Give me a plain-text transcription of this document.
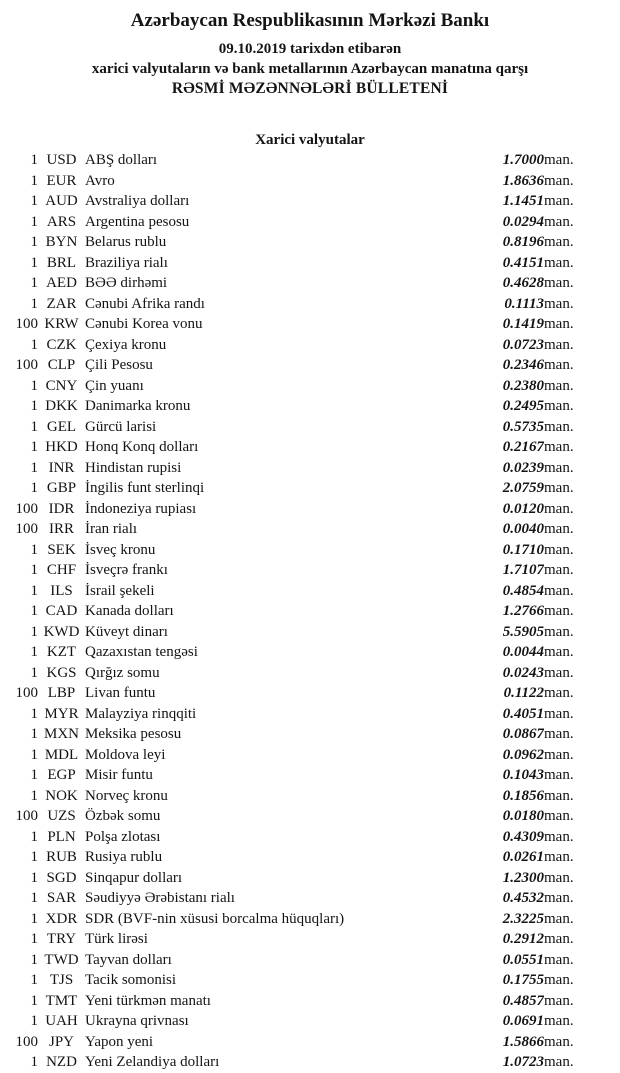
Azərbaycan Respublikasının Mərkəzi Bankı
09.10.2019 tarixdən etibarən
xarici valyutaların və bank metallarının Azərbaycan manatına qarşı
RƏSMİ MƏZƏNNƏLƏRİ BÜLLETENİ
Xarici valyutalar
1	USD	ABŞ dolları	1.7000	man.
1	EUR	Avro	1.8636	man.
1	AUD	Avstraliya dolları	1.1451	man.
1	ARS	Argentina pesosu	0.0294	man.
1	BYN	Belarus rublu	0.8196	man.
1	BRL	Braziliya rialı	0.4151	man.
1	AED	BƏƏ dirhəmi	0.4628	man.
1	ZAR	Cənubi Afrika randı	0.1113	man.
100	KRW	Cənubi Korea vonu	0.1419	man.
1	CZK	Çexiya kronu	0.0723	man.
100	CLP	Çili Pesosu	0.2346	man.
1	CNY	Çin yuanı	0.2380	man.
1	DKK	Danimarka kronu	0.2495	man.
1	GEL	Gürcü larisi	0.5735	man.
1	HKD	Honq Konq dolları	0.2167	man.
1	INR	Hindistan rupisi	0.0239	man.
1	GBP	İngilis funt sterlinqi	2.0759	man.
100	IDR	İndoneziya rupiası	0.0120	man.
100	IRR	İran rialı	0.0040	man.
1	SEK	İsveç kronu	0.1710	man.
1	CHF	İsveçrə frankı	1.7107	man.
1	ILS	İsrail şekeli	0.4854	man.
1	CAD	Kanada dolları	1.2766	man.
1	KWD	Küveyt dinarı	5.5905	man.
1	KZT	Qazaxıstan tengəsi	0.0044	man.
1	KGS	Qırğız somu	0.0243	man.
100	LBP	Livan funtu	0.1122	man.
1	MYR	Malayziya rinqqiti	0.4051	man.
1	MXN	Meksika pesosu	0.0867	man.
1	MDL	Moldova leyi	0.0962	man.
1	EGP	Misir funtu	0.1043	man.
1	NOK	Norveç kronu	0.1856	man.
100	UZS	Özbək somu	0.0180	man.
1	PLN	Polşa zlotası	0.4309	man.
1	RUB	Rusiya rublu	0.0261	man.
1	SGD	Sinqapur dolları	1.2300	man.
1	SAR	Səudiyyə Ərəbistanı rialı	0.4532	man.
1	XDR	SDR (BVF-nin xüsusi borcalma hüquqları)	2.3225	man.
1	TRY	Türk lirəsi	0.2912	man.
1	TWD	Tayvan dolları	0.0551	man.
1	TJS	Tacik somonisi	0.1755	man.
1	TMT	Yeni türkmən manatı	0.4857	man.
1	UAH	Ukrayna qrivnası	0.0691	man.
100	JPY	Yapon yeni	1.5866	man.
1	NZD	Yeni Zelandiya dolları	1.0723	man.
